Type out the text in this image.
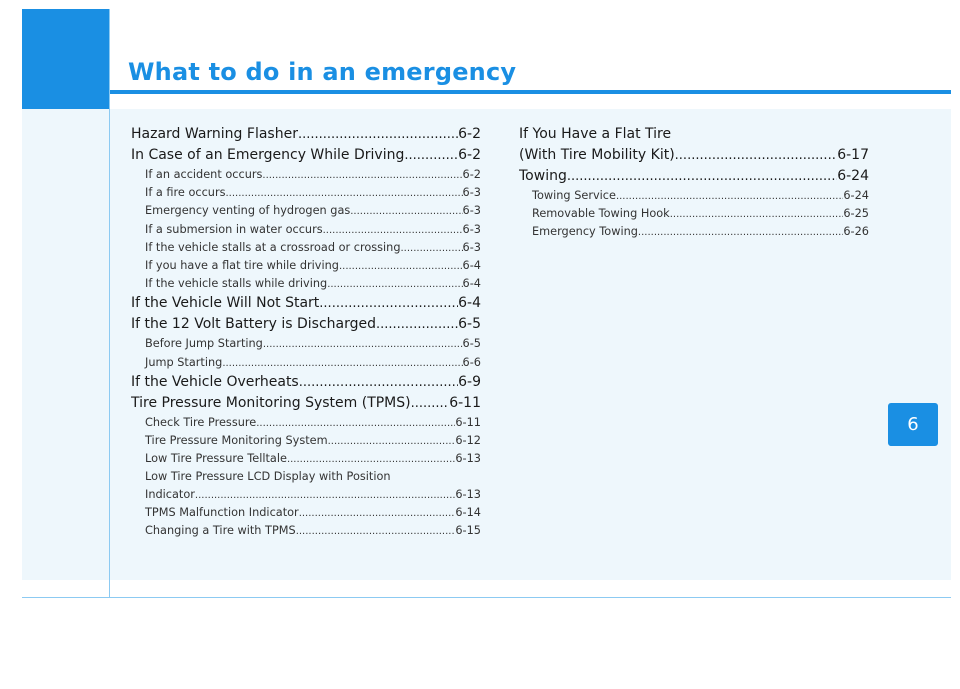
What to do in an emergency
Hazard Warning Flasher .....	6-2
In Case of an Emergency While Driving .....	6-2
If an accident occurs .....	6-2
If a fire occurs .....	6-3
Emergency venting of hydrogen gas .....	6-3
If a submersion in water occurs .....	6-3
If the vehicle stalls at a crossroad or crossing .....	6-3
If you have a flat tire while driving .....	6-4
If the vehicle stalls while driving .....	6-4
If the Vehicle Will Not Start .....	6-4
If the 12 Volt Battery is Discharged .....	6-5
Before Jump Starting .....	6-5
Jump Starting .....	6-6
If the Vehicle Overheats .....	6-9
Tire Pressure Monitoring System (TPMS) .....	6-11
Check Tire Pressure .....	6-11
Tire Pressure Monitoring System .....	6-12
Low Tire Pressure Telltale .....	6-13
Low Tire Pressure LCD Display with Position
Indicator .....	6-13
TPMS Malfunction Indicator .....	6-14
Changing a Tire with TPMS .....	6-15
If You Have a Flat Tire
(With Tire Mobility Kit) .....	6-17
Towing .....	6-24
Towing Service .....	6-24
Removable Towing Hook .....	6-25
Emergency Towing .....	6-26
6
